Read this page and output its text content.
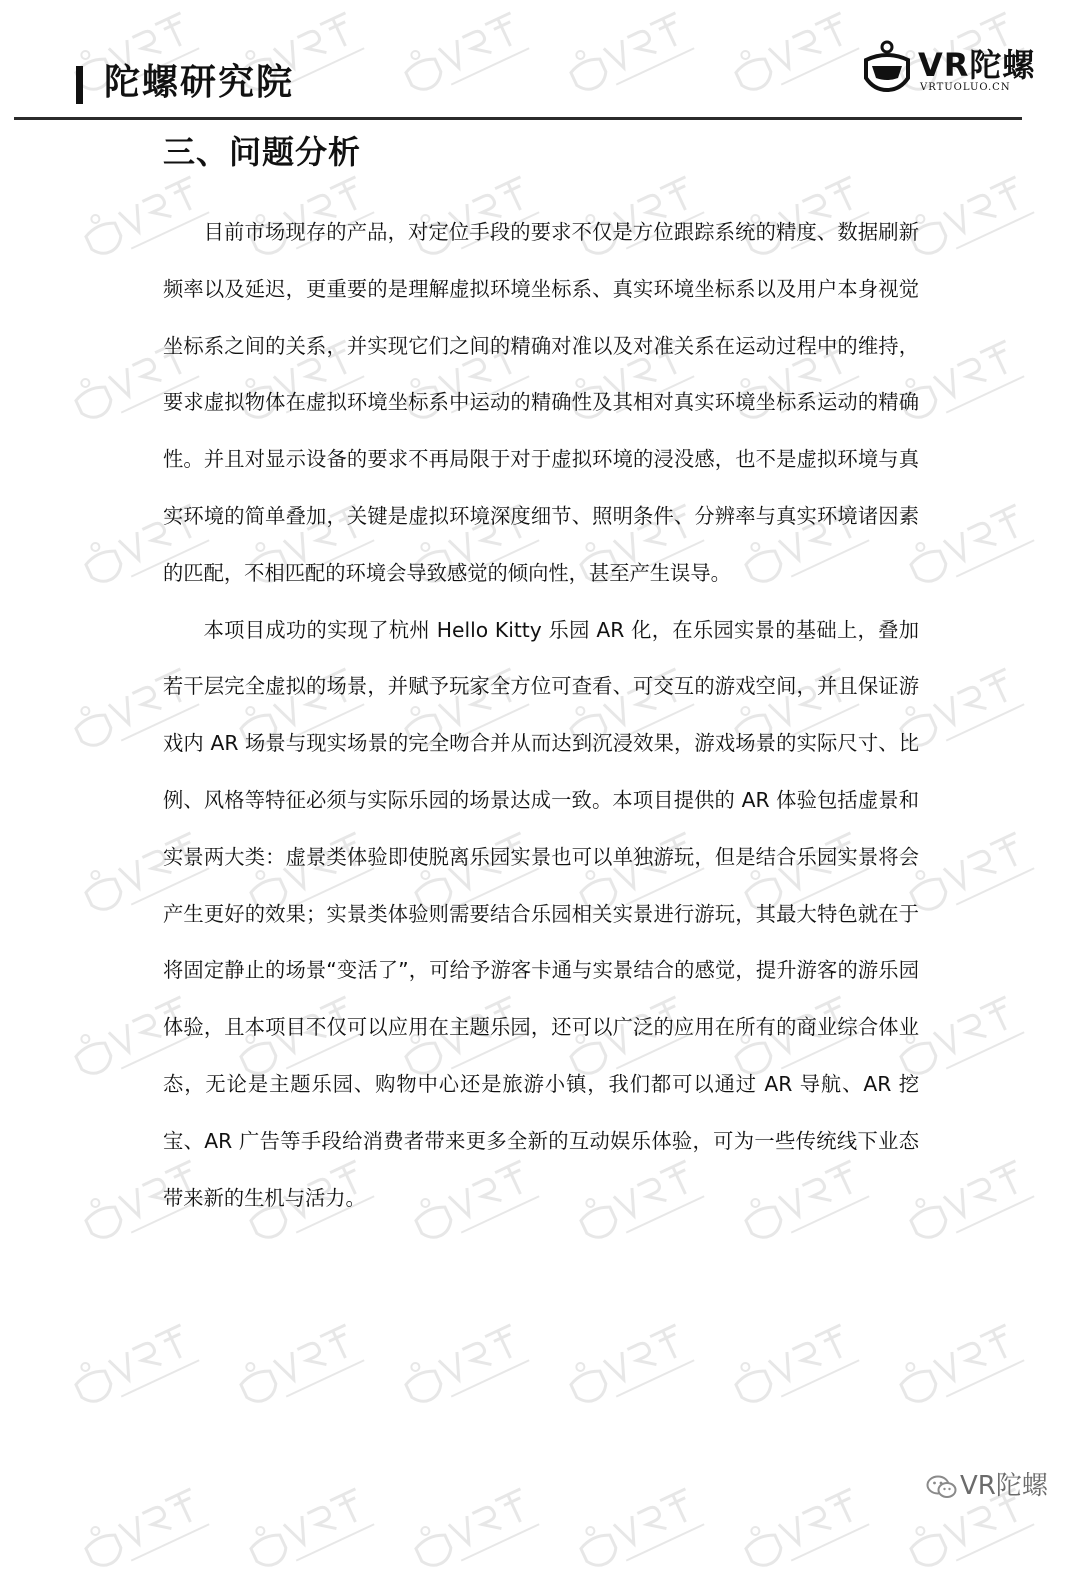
陀螺研究院	VR陀螺
VRTUOLUO.CN
三、问题分析

目前市场现存的产品，对定位手段的要求不仅是方位跟踪系统的精度、数据刷新频率以及延迟，更重要的是理解虚拟环境坐标系、真实环境坐标系以及用户本身视觉坐标系之间的关系，并实现它们之间的精确对准以及对准关系在运动过程中的维持，要求虚拟物体在虚拟环境坐标系中运动的精确性及其相对真实环境坐标系运动的精确性。并且对显示设备的要求不再局限于对于虚拟环境的浸没感，也不是虚拟环境与真实环境的简单叠加，关键是虚拟环境深度细节、照明条件、分辨率与真实环境诸因素的匹配，不相匹配的环境会导致感觉的倾向性，甚至产生误导。

本项目成功的实现了杭州 Hello Kitty 乐园 AR 化，在乐园实景的基础上，叠加若干层完全虚拟的场景，并赋予玩家全方位可查看、可交互的游戏空间，并且保证游戏内 AR 场景与现实场景的完全吻合并从而达到沉浸效果，游戏场景的实际尺寸、比例、风格等特征必须与实际乐园的场景达成一致。本项目提供的 AR 体验包括虚景和实景两大类：虚景类体验即使脱离乐园实景也可以单独游玩，但是结合乐园实景将会产生更好的效果；实景类体验则需要结合乐园相关实景进行游玩，其最大特色就在于将固定静止的场景“变活了”，可给予游客卡通与实景结合的感觉，提升游客的游乐园体验，且本项目不仅可以应用在主题乐园，还可以广泛的应用在所有的商业综合体业态，无论是主题乐园、购物中心还是旅游小镇，我们都可以通过 AR 导航、AR 挖宝、AR 广告等手段给消费者带来更多全新的互动娱乐体验，可为一些传统线下业态带来新的生机与活力。

VR陀螺
